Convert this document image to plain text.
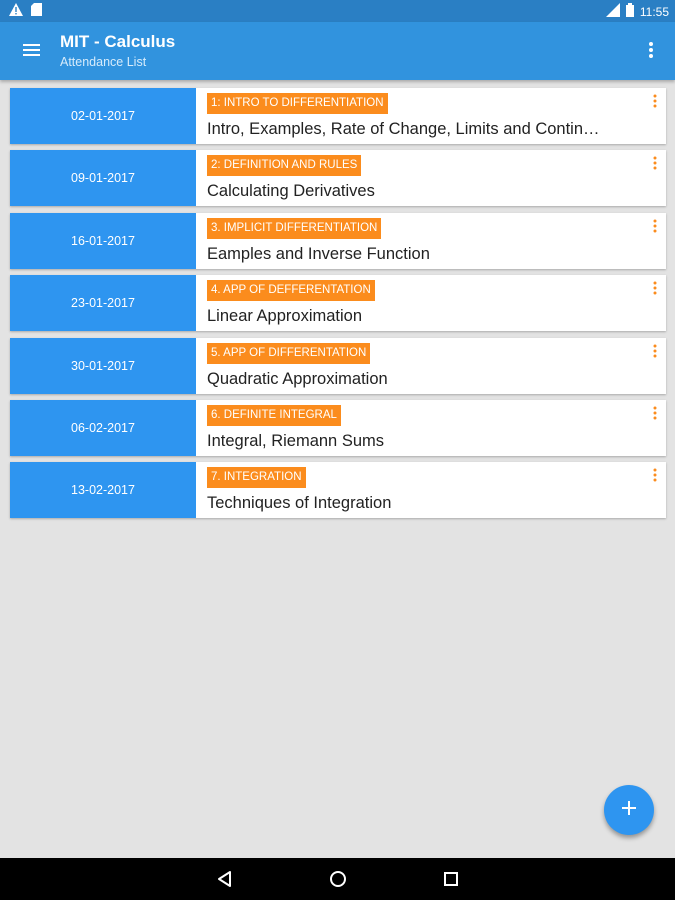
11:55
MIT - Calculus
Attendance List
02-01-2017
1: INTRO TO DIFFERENTIATION
Intro, Examples, Rate of Change, Limits and Contin…
09-01-2017
2: DEFINITION AND RULES
Calculating Derivatives
16-01-2017
3. IMPLICIT DIFFERENTIATION
Eamples and Inverse Function
23-01-2017
4. APP OF DEFFERENTATION
Linear Approximation
30-01-2017
5. APP OF DIFFERENTATION
Quadratic Approximation
06-02-2017
6. DEFINITE INTEGRAL
Integral, Riemann Sums
13-02-2017
7. INTEGRATION
Techniques of Integration
